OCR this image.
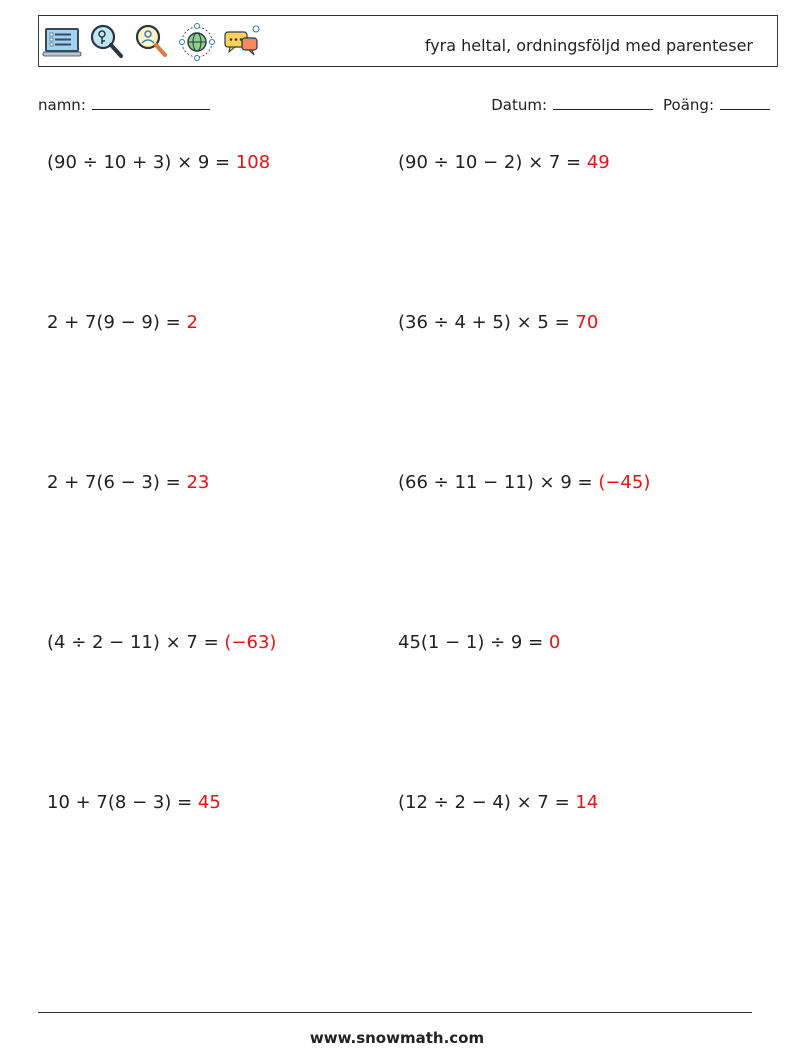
fyra heltal, ordningsföljd med parenteser
namn:	Datum:	Poäng:
(90 ÷ 10 + 3) × 9 = 108	(90 ÷ 10 − 2) × 7 = 49
2 + 7(9 − 9) = 2	(36 ÷ 4 + 5) × 5 = 70
2 + 7(6 − 3) = 23	(66 ÷ 11 − 11) × 9 = (−45)
(4 ÷ 2 − 11) × 7 = (−63)	45(1 − 1) ÷ 9 = 0
10 + 7(8 − 3) = 45	(12 ÷ 2 − 4) × 7 = 14
www.snowmath.com
